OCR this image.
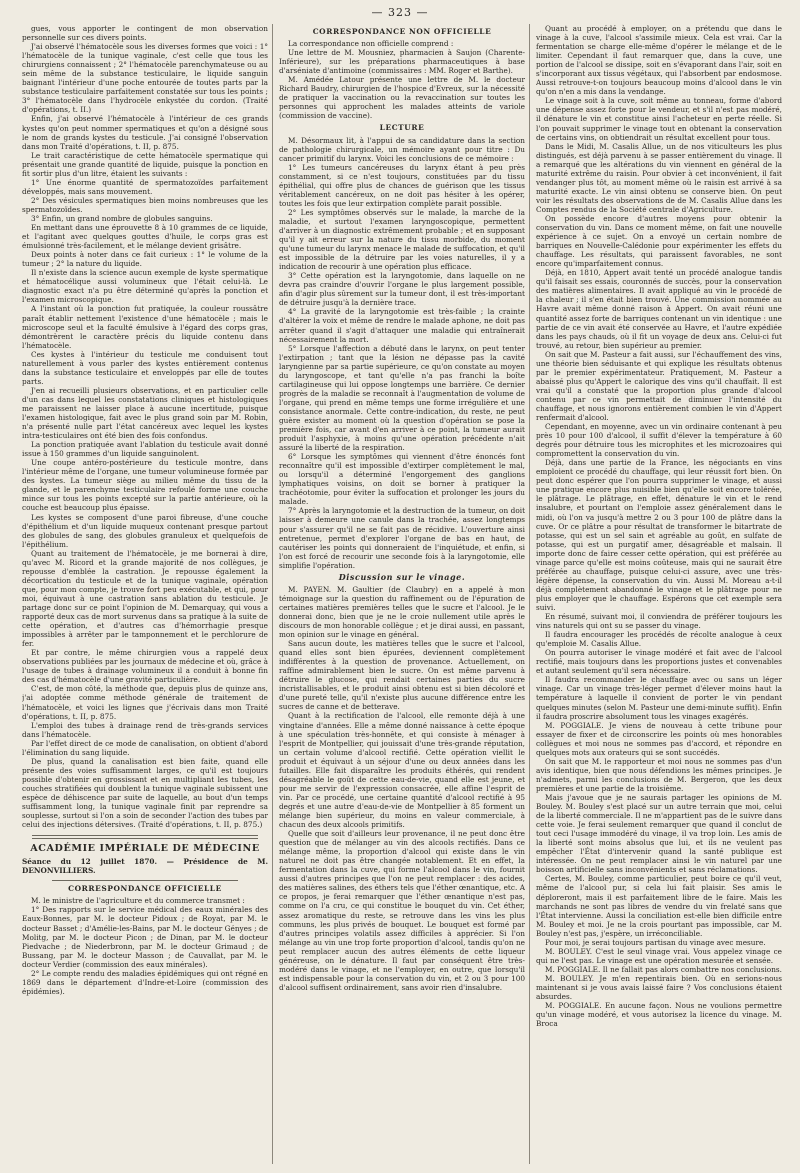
— 323 —

gues, vous apporter le contingent de mon observation personnelle sur ces divers points.

J'ai observé l'hématocèle sous les diverses formes que voici : 1° l'hématocèle de la tunique vaginale, c'est celle que tous les chirurgiens connaissent ; 2° l'hématocèle parenchymateuse ou au sein même de la substance testiculaire, le liquide sanguin baignant l'intérieur d'une poche entourée de toutes parts par la substance testiculaire parfaitement constatée sur tous les points ; 3° l'hématocèle dans l'hydrocèle enkystée du cordon. (Traité d'opérations, t. II.)

Enfin, j'ai observé l'hématocèle à l'intérieur de ces grands kystes qu'on peut nommer spermatiques et qu'on a désigné sous le nom de grands kystes du testicule. J'ai consigné l'observation dans mon Traité d'opérations, t. II, p. 875.

Le trait caractéristique de cette hématocèle spermatique qui présentait une grande quantité de liquide, puisque la ponction en fit sortir plus d'un litre, étaient les suivants :

1° Une énorme quantité de spermatozoïdes parfaitement développés, mais sans mouvement.

2° Des vésicules spermatiques bien moins nombreuses que les spermatozoïdes.

3° Enfin, un grand nombre de globules sanguins.

En mettant dans une éprouvette 8 à 10 grammes de ce liquide, et l'agitant avec quelques gouttes d'huile, le corps gras est émulsionné très-facilement, et le mélange devient grisâtre.

Deux points à noter dans ce fait curieux : 1° le volume de la tumeur ; 2° la nature du liquide.

Il n'existe dans la science aucun exemple de kyste spermatique et hématocélique aussi volumineux que l'était celui-là. Le diagnostic exact n'a pu être déterminé qu'après la ponction et l'examen microscopique.

A l'instant où la ponction fut pratiquée, la couleur roussâtre paraît établir nettement l'existence d'une hématocèle ; mais le microscope seul et la faculté émulsive à l'égard des corps gras, démontrèrent le caractère précis du liquide contenu dans l'hématocèle.

Ces kystes à l'intérieur du testicule me conduisent tout naturellement à vous parler des kystes entièrement contenus dans la substance testiculaire et enveloppés par elle de toutes parts.

J'en ai recueilli plusieurs observations, et en particulier celle d'un cas dans lequel les constatations cliniques et histologiques me paraissent ne laisser place à aucune incertitude, puisque l'examen histologique, fait avec le plus grand soin par M. Robin, n'a présenté nulle part l'état cancéreux avec lequel les kystes intra-testiculaires ont été bien des fois confondus.

La ponction pratiquée avant l'ablation du testicule avait donné issue à 150 grammes d'un liquide sanguinolent.

Une coupe antéro-postérieure du testicule montre, dans l'intérieur même de l'organe, une tumeur volumineuse formée par des kystes. La tumeur siège au milieu même du tissu de la glande, et le parenchyme testiculaire refoulé forme une couche mince sur tous les points excepté sur la partie antérieure, où la couche est beaucoup plus épaisse.

Les kystes se composent d'une paroi fibreuse, d'une couche d'épithélium et d'un liquide muqueux contenant presque partout des globules de sang, des globules granuleux et quelquefois de l'épithélium.

Quant au traitement de l'hématocèle, je me bornerai à dire, qu'avec M. Ricord et la grande majorité de nos collègues, je repousse d'emblée la castration. Je repousse également la décortication du testicule et de la tunique vaginale, opération que, pour mon compte, je trouve fort peu exécutable, et qui, pour moi, équivaut à une castration sans ablation du testicule. Je partage donc sur ce point l'opinion de M. Demarquay, qui vous a rapporté deux cas de mort survenus dans sa pratique à la suite de cette opération, et d'autres cas d'hémorrhagie presque impossibles à arrêter par le tamponnement et le perchlorure de fer.

Et par contre, le même chirurgien vous a rappelé deux observations publiées par les journaux de médecine et où, grâce à l'usage de tubes à drainage volumineux il a conduit à bonne fin des cas d'hématocèle d'une gravité particulière.

C'est, de mon côté, la méthode que, depuis plus de quinze ans, j'ai adoptée comme méthode générale de traitement de l'hématocèle, et voici les lignes que j'écrivais dans mon Traité d'opérations, t. II, p. 875.

L'emploi des tubes à drainage rend de très-grands services dans l'hématocèle.

Par l'effet direct de ce mode de canalisation, on obtient d'abord l'élimination du sang liquide.

De plus, quand la canalisation est bien faite, quand elle présente des voies suffisamment larges, ce qu'il est toujours possible d'obtenir en grossissant et en multipliant les tubes, les couches stratifiées qui doublent la tunique vaginale subissent une espèce de déhiscence par suite de laquelle, au bout d'un temps suffisamment long, la tunique vaginale finit par reprendre sa souplesse, surtout si l'on a soin de seconder l'action des tubes par celui des injections détersives. (Traité d'opérations, t. II, p. 875.)

ACADÉMIE IMPÉRIALE DE MÉDECINE

Séance du 12 juillet 1870. — Présidence de M. DENONVILLIERS.

CORRESPONDANCE OFFICIELLE

M. le ministre de l'agriculture et du commerce transmet :

1° Des rapports sur le service médical des eaux minérales des Eaux-Bonnes, par M. le docteur Pidoux ; de Royat, par M. le docteur Basset ; d'Amélie-les-Bains, par M. le docteur Gényes ; de Molitg, par M. le docteur Picon ; de Dinan, par M. le docteur Piedvache ; de Niederbronn, par M. le docteur Grimaud ; de Bussang, par M. le docteur Masson ; de Cauvallat, par M. le docteur Verdier (commission des eaux minérales).

2° Le compte rendu des maladies épidémiques qui ont régné en 1869 dans le département d'Indre-et-Loire (commission des épidémies).

CORRESPONDANCE NON OFFICIELLE

La correspondance non officielle comprend :

Une lettre de M. Mousniez, pharmacien à Saujon (Charente-Inférieure), sur les préparations pharmaceutiques à base d'arséniate d'antimoine (commissaires : MM. Roger et Barthe).

M. Amédée Latour présente une lettre de M. le docteur Richard Baudry, chirurgien de l'hospice d'Evreux, sur la nécessité de pratiquer la vaccination ou la revaccination sur toutes les personnes qui approchent les malades atteints de variole (commission de vaccine).

LECTURE

M. Désormaux lit, à l'appui de sa candidature dans la section de pathologie chirurgicale, un mémoire ayant pour titre : Du cancer primitif du larynx. Voici les conclusions de ce mémoire :

1° Les tumeurs cancéreuses du larynx étant à peu près constamment, si ce n'est toujours, constituées par du tissu épithélial, qui offre plus de chances de guérison que les tissus véritablement cancéreux, on ne doit pas hésiter à les opérer, toutes les fois que leur extirpation complète parait possible.

2° Les symptômes observés sur le malade, la marche de la maladie, et surtout l'examen laryngoscopique, permettent d'arriver à un diagnostic extrêmement probable ; et en supposant qu'il y ait erreur sur la nature du tissu morbide, du moment qu'une tumeur du larynx menace le malade de suffocation, et qu'il est impossible de la détruire par les voies naturelles, il y a indication de recourir à une opération plus efficace.

3° Cette opération est la laryngotomie, dans laquelle on ne devra pas craindre d'ouvrir l'organe le plus largement possible, afin d'agir plus sûrement sur la tumeur dont, il est très-important de détruire jusqu'à la dernière trace.

4° La gravité de la laryngotomie est très-faible ; la crainte d'altérer la voix et même de rendre le malade aphone, ne doit pas arrêter quand il s'agit d'attaquer une maladie qui entraînerait nécessairement la mort.

5° Lorsque l'affection a débuté dans le larynx, on peut tenter l'extirpation ; tant que la lésion ne dépasse pas la cavité laryngienne par sa partie supérieure, ce qu'on constate au moyen du laryngoscope, et tant qu'elle n'a pas franchi la boîte cartilagineuse qui lui oppose longtemps une barrière. Ce dernier progrès de la maladie se reconnaît à l'augmentation de volume de l'organe, qui prend en même temps une forme irrégulière et une consistance anormale. Cette contre-indication, du reste, ne peut guère exister au moment où la question d'opération se pose la première fois, car avant d'en arriver à ce point, la tumeur aurait produit l'asphyxie, à moins qu'une opération précédente n'ait assuré la liberté de la respiration.

6° Lorsque les symptômes qui viennent d'être énoncés font reconnaître qu'il est impossible d'extirper complètement le mal, ou lorsqu'il a déterminé l'engorgement des ganglions lymphatiques voisins, on doit se borner à pratiquer la trachéotomie, pour éviter la suffocation et prolonger les jours du malade.

7° Après la laryngotomie et la destruction de la tumeur, on doit laisser à demeure une canule dans la trachée, assez longtemps pour s'assurer qu'il ne se fait pas de récidive. L'ouverture ainsi entretenue, permet d'explorer l'organe de bas en haut, de cautériser les points qui donneraient de l'inquiétude, et enfin, si l'on est forcé de recourir une seconde fois à la laryngotomie, elle simplifie l'opération.

Discussion sur le vinage.

M. PAYEN. M. Gaultier (de Claubry) en a appelé à mon témoignage sur la question du raffinement ou de l'épuration de certaines matières premières telles que le sucre et l'alcool. Je le donnerai donc, bien que je ne le croie nullement utile après le discours de mon honorable collègue ; et je dirai aussi, en passant, mon opinion sur le vinage en général.

Sans aucun doute, les matières telles que le sucre et l'alcool, quand elles sont bien épurées, deviennent complètement indifférentes à la question de provenance. Actuellement, on raffine admirablement bien le sucre. On est même parvenu à détruire le glucose, qui rendait certaines parties du sucre incristallisables, et le produit ainsi obtenu est si bien décoloré et d'une pureté telle, qu'il n'existe plus aucune différence entre les sucres de canne et de betterave.

Quant à la rectification de l'alcool, elle remonte déjà à une vingtaine d'années. Elle a même donné naissance à cette époque à une spéculation très-honnête, et qui consiste à ménager à l'esprit de Montpellier, qui jouissait d'une très-grande réputation, un certain volume d'alcool rectifié. Cette opération viellit le produit et équivaut à un séjour d'une ou deux années dans les futailles. Elle fait disparaître les produits éthérés, qui rendent désagréable le goût de cette eau-de-vie, quand elle est jeune, et pour me servir de l'expression consacrée, elle affine l'esprit de vin. Par ce procédé, une certaine quantité d'alcool rectifié à 95 degrés et une autre d'eau-de-vie de Montpellier à 85 forment un mélange bien supérieur, du moins en valeur commerciale, à chacun des deux alcools primitifs.

Quelle que soit d'ailleurs leur provenance, il ne peut donc être question que de mélanger au vin des alcools rectifiés. Dans ce mélange même, la proportion d'alcool qui existe dans le vin naturel ne doit pas être changée notablement. Et en effet, la fermentation dans la cuve, qui forme l'alcool dans le vin, fournit aussi d'autres principes que l'on ne peut remplacer : des acides, des matières salines, des éthers tels que l'éther œnantique, etc. A ce propos, je ferai remarquer que l'éther œnantique n'est pas, comme on l'a cru, ce qui constitue le bouquet du vin. Cet éther, assez aromatique du reste, se retrouve dans les vins les plus communs, les plus privés de bouquet. Le bouquet est formé par d'autres principes volatils assez difficiles à apprécier. Si l'on mélange au vin une trop forte proportion d'alcool, tandis qu'on ne peut remplacer aucun des autres éléments de cette liqueur généreuse, on le dénature. Il faut par conséquent être très-modéré dans le vinage, et ne l'employer, en outre, que lorsqu'il est indispensable pour la conservation du vin, et 2 ou 3 pour 100 d'alcool suffisent ordinairement, sans avoir rien d'insalubre.

Quant au procédé à employer, on a prétendu que dans le vinage à la cuve, l'alcool s'assimile mieux. Cela est vrai. Car la fermentation se charge elle-même d'opérer le mélange et de le limiter. Cependant il faut remarquer que, dans la cuve, une portion de l'alcool se dissipe, soit en s'évaporant dans l'air, soit en s'incorporant aux tissus végétaux, qui l'absorbent par endosmose. Aussi retrouve-t-on toujours beaucoup moins d'alcool dans le vin qu'on n'en a mis dans la vendange.

Le vinage soit à la cuve, soit même au tonneau, forme d'abord une dépense assez forte pour le vendeur, et s'il n'est pas modéré, il dénature le vin et constitue ainsi l'acheteur en perte réelle. Si l'on pouvait supprimer le vinage tout en obtenant la conservation de certains vins, on obtiendrait un résultat excellent pour tous.

Dans le Midi, M. Casalis Allue, un de nos viticulteurs les plus distingués, est déjà parvenu à se passer entièrement du vinage. Il a remarqué que les altérations du vin viennent en général de la maturité extrême du raisin. Pour obvier à cet inconvénient, il fait vendanger plus tôt, au moment même où le raisin est arrivé à sa maturité exacte. Le vin ainsi obtenu se conserve bien. On peut voir les résultats des observations de de M. Casalis Allue dans les Comptes rendus de la Société centrale d'Agriculture.

On possède encore d'autres moyens pour obtenir la conservation du vin. Dans ce moment même, on fait une nouvelle expérience à ce sujet. On a envoyé un certain nombre de barriques en Nouvelle-Calédonie pour expérimenter les effets du chauffage. Les résultats, qui paraissent favorables, ne sont encore qu'imparfaitement connus.

Déjà, en 1810, Appert avait tenté un procédé analogue tandis qu'il faisait ses essais, couronnés de succès, pour la conservation des matières alimentaires. Il avait appliqué au vin le procédé de la chaleur ; il s'en était bien trouvé. Une commission nommée au Havre avait même donné raison à Appert. On avait réuni une quantité assez forte de barriques contenant un vin identique : une partie de ce vin avait été conservée au Havre, et l'autre expédiée dans les pays chauds, où il fit un voyage de deux ans. Celui-ci fut trouvé, au retour, bien supérieur au premier.

On sait que M. Pasteur a fait aussi, sur l'échauffement des vins, une théorie bien séduisante et qui explique les résultats obtenus par le premier expérimentateur. Pratiquement, M. Pasteur a abaissé plus qu'Appert le calorique des vins qu'il chauffait. Il est vrai qu'il a constaté que la proportion plus grande d'alcool contenu par ce vin permettait de diminuer l'intensité du chauffage, et nous ignorons entièrement combien le vin d'Appert renfermait d'alcool.

Cependant, en moyenne, avec un vin ordinaire contenant à peu près 10 pour 100 d'alcool, il suffit d'élever la température à 60 degrés pour détruire tous les microphites et les microzoaires qui compromettent la conservation du vin.

Déjà, dans une partie de la France, les négociants en vins emploient ce procédé du chauffage, qui leur réussit fort bien. On peut donc espérer que l'on pourra supprimer le vinage, et aussi une pratique encore plus nuisible bien qu'elle soit encore tolérée, le plâtrage. Le plâtrage, en effet, dénature le vin et le rend insalubre, et pourtant on l'emploie assez généralement dans le midi, où l'on va jusqu'à mettre 2 ou 3 pour 100 de plâtre dans la cuve. Or ce plâtre a pour résultat de transformer le bitartrate de potasse, qui est un sel sain et agréable au goût, en sulfate de potasse, qui est un purgatif amer, désagréable et malsain. Il importe donc de faire cesser cette opération, qui est préférée au vinage parce qu'elle est moins coûteuse, mais qui ne saurait être préférée au chauffage, puisque celui-ci assure, avec une très-légère dépense, la conservation du vin. Aussi M. Moreau a-t-il déjà complètement abandonné le vinage et le plâtrage pour ne plus employer que le chauffage. Espérons que cet exemple sera suivi.

En résumé, suivant moi, il conviendra de préférer toujours les vins naturels qui ont su se passer du vinage.

Il faudra encourager les procédés de récolte analogue à ceux qu'emploie M. Casalis Allue.

On pourra autoriser le vinage modéré et fait avec de l'alcool rectifié, mais toujours dans les proportions justes et convenables et autant seulement qu'il sera nécessaire.

Il faudra recommander le chauffage avec ou sans un léger vinage. Car un vinage très-léger permet d'élever moins haut la température à laquelle il convient de porter le vin pendant quelques minutes (selon M. Pasteur une demi-minute suffit). Enfin il faudra proscrire absolument tous les vinages exagérés.

M. POGGIALE. Je viens de nouveau à cette tribune pour essayer de fixer et de circonscrire les points où mes honorables collègues et moi nous ne sommes pas d'accord, et répondre en quelques mots aux orateurs qui se sont succédés.

On sait que M. le rapporteur et moi nous ne sommes pas d'un avis identique, bien que nous défendions les mêmes principes. Je n'admets, parmi les conclusions de M. Bergeron, que les deux premières et une partie de la troisième.

Mais j'avoue que je ne saurais partager les opinions de M. Bouley. M. Bouley s'est placé sur un autre terrain que moi, celui de la liberté commerciale. Il ne m'appartient pas de le suivre dans cette voie. Je ferai seulement remarquer que quand il conclut de tout ceci l'usage immodéré du vinage, il va trop loin. Les amis de la liberté sont moins absolus que lui, et ils ne veulent pas empêcher l'État d'intervenir quand la santé publique est intéressée. On ne peut remplacer ainsi le vin naturel par une boisson artificielle sans inconvénients et sans réclamations.

Certes, M. Bouley, comme particulier, peut boire ce qu'il veut, même de l'alcool pur, si cela lui fait plaisir. Ses amis le déploreront, mais il est parfaitement libre de le faire. Mais les marchands ne sont pas libres de vendre du vin frelaté sans que l'État intervienne. Aussi la conciliation est-elle bien difficile entre M. Bouley et moi. Je ne la crois pourtant pas impossible, car M. Bouley n'est pas, j'espère, un irréconciliable.

Pour moi, je serai toujours partisan du vinage avec mesure.

M. BOULEY. C'est le seul vinage vrai. Vous appelez vinage ce qui ne l'est pas. Le vinage est une opération mesurée et sensée.

M. POGGIALE. Il ne fallait pas alors combattre nos conclusions.

M. BOULEY. Je m'en repentirais bien. Où en serions-nous maintenant si je vous avais laissé faire ? Vos conclusions étaient absurdes.

M. POGGIALE. En aucune façon. Nous ne voulions permettre qu'un vinage modéré, et vous autorisez la licence du vinage. M. Broca
